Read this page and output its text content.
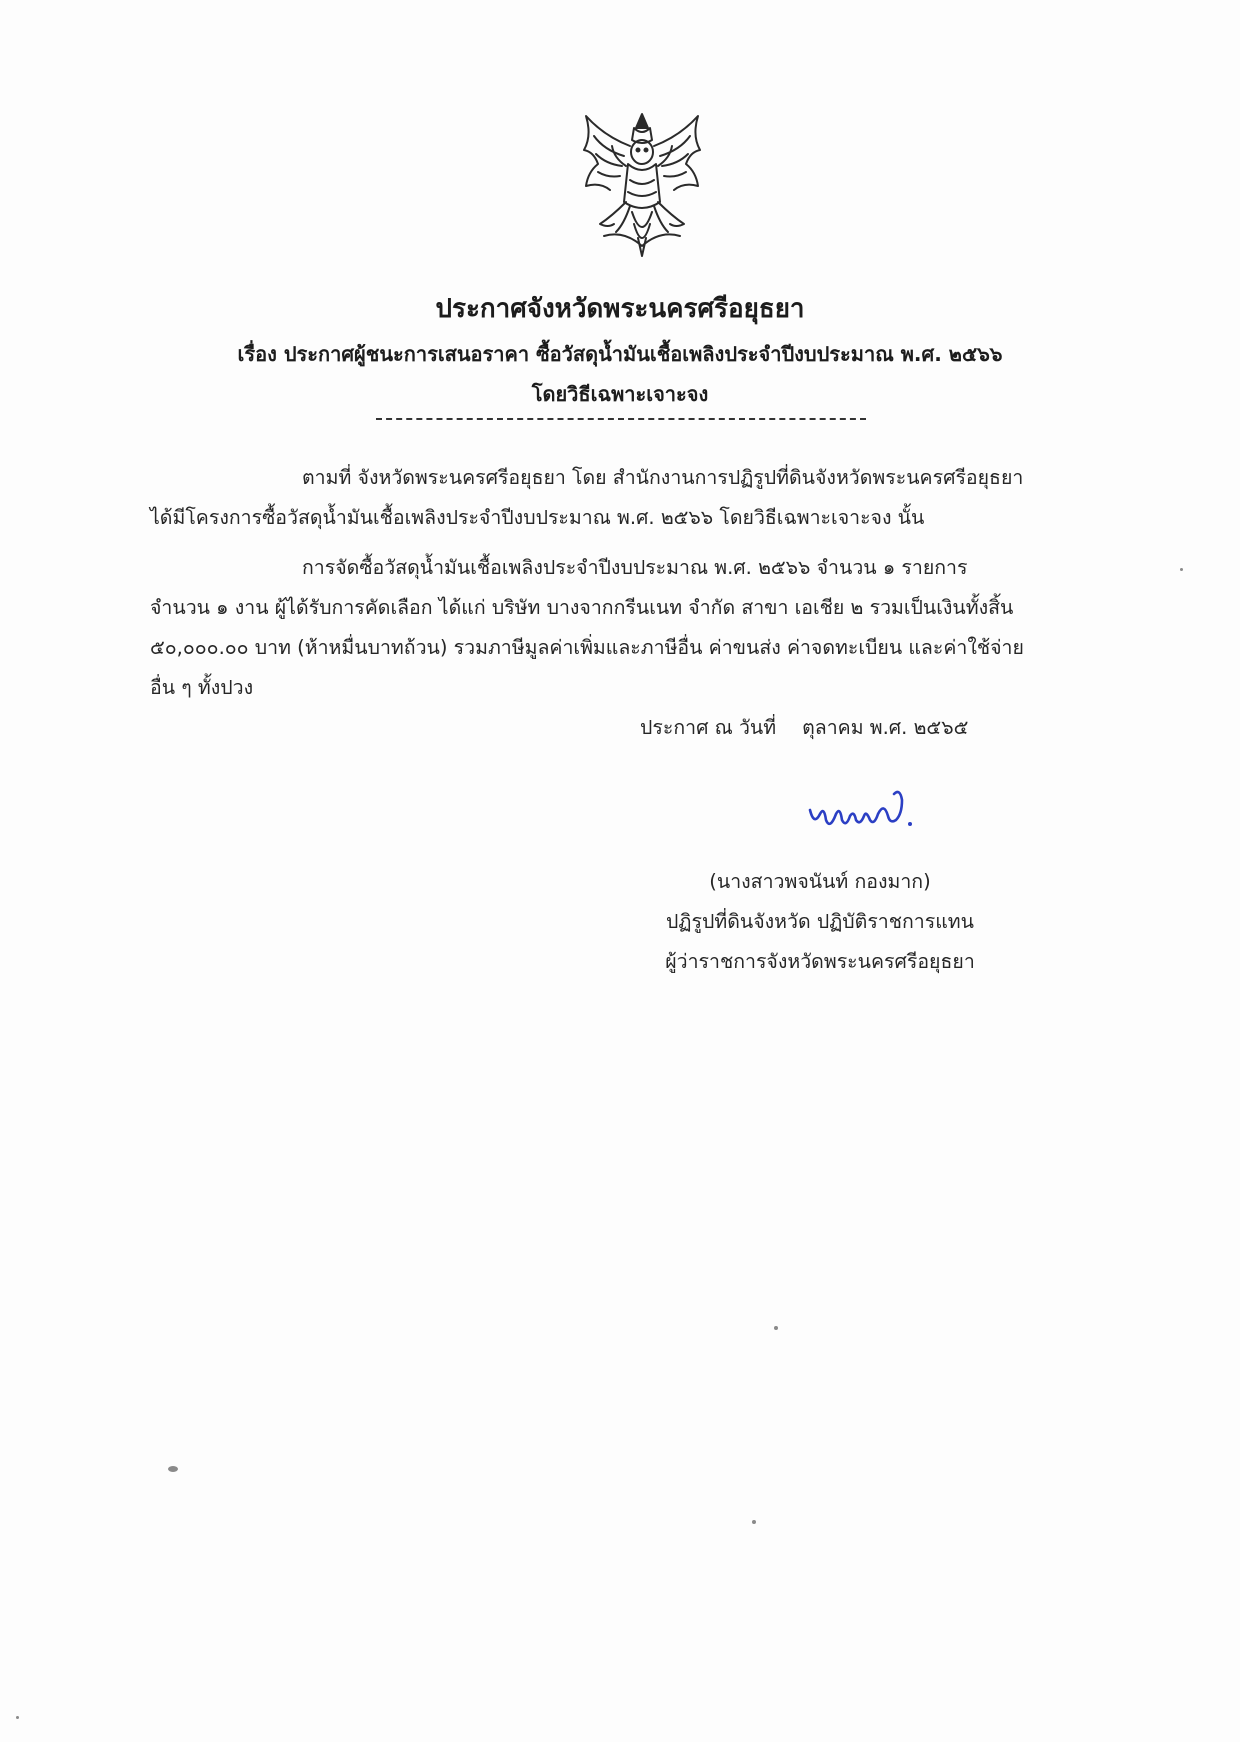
ประกาศจังหวัดพระนครศรีอยุธยา
เรื่อง ประกาศผู้ชนะการเสนอราคา ซื้อวัสดุน้ำมันเชื้อเพลิงประจำปีงบประมาณ พ.ศ. ๒๕๖๖
โดยวิธีเฉพาะเจาะจง
ตามที่ จังหวัดพระนครศรีอยุธยา โดย สำนักงานการปฏิรูปที่ดินจังหวัดพระนครศรีอยุธยา
ได้มีโครงการซื้อวัสดุน้ำมันเชื้อเพลิงประจำปีงบประมาณ พ.ศ. ๒๕๖๖ โดยวิธีเฉพาะเจาะจง นั้น
การจัดซื้อวัสดุน้ำมันเชื้อเพลิงประจำปีงบประมาณ พ.ศ. ๒๕๖๖ จำนวน ๑ รายการ
จำนวน ๑ งาน ผู้ได้รับการคัดเลือก ได้แก่ บริษัท บางจากกรีนเนท จำกัด สาขา เอเชีย ๒ รวมเป็นเงินทั้งสิ้น
๕๐,๐๐๐.๐๐ บาท (ห้าหมื่นบาทถ้วน) รวมภาษีมูลค่าเพิ่มและภาษีอื่น ค่าขนส่ง ค่าจดทะเบียน และค่าใช้จ่าย
อื่น ๆ ทั้งปวง
ประกาศ ณ วันที่ ตุลาคม พ.ศ. ๒๕๖๕
(นางสาวพจนันท์ กองมาก)
ปฏิรูปที่ดินจังหวัด ปฏิบัติราชการแทน
ผู้ว่าราชการจังหวัดพระนครศรีอยุธยา
